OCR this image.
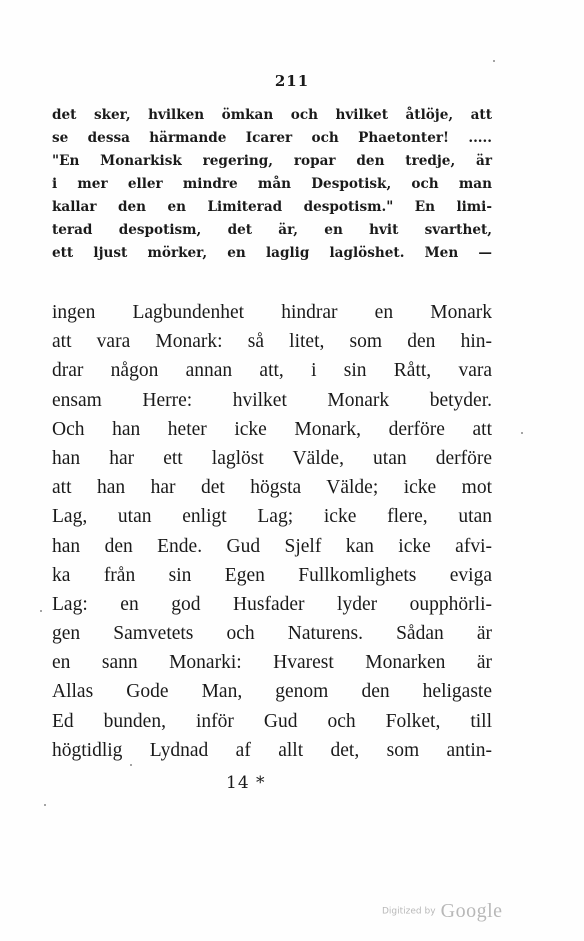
211
det sker, hvilken ömkan och hvilket åtlöje, att
se dessa härmande Icarer och Phaetonter! .....
"En Monarkisk regering, ropar den tredje, är
i mer eller mindre mån Despotisk, och man
kallar den en Limiterad despotism." En limi-
terad despotism, det är, en hvit svarthet,
ett ljust mörker, en laglig laglöshet. Men —
ingen Lagbundenhet hindrar en Monark
att vara Monark: så litet, som den hin-
drar någon annan att, i sin Rått, vara
ensam Herre: hvilket Monark betyder.
Och han heter icke Monark, derföre att
han har ett laglöst Välde, utan derföre
att han har det högsta Välde; icke mot
Lag, utan enligt Lag; icke flere, utan
han den Ende. Gud Sjelf kan icke afvi-
ka från sin Egen Fullkomlighets eviga
Lag: en god Husfader lyder oupphörli-
gen Samvetets och Naturens. Sådan är
en sann Monarki: Hvarest Monarken är
Allas Gode Man, genom den heligaste
Ed bunden, inför Gud och Folket, till
högtidlig Lydnad af allt det, som antin-
14 *
Digitized by Google
